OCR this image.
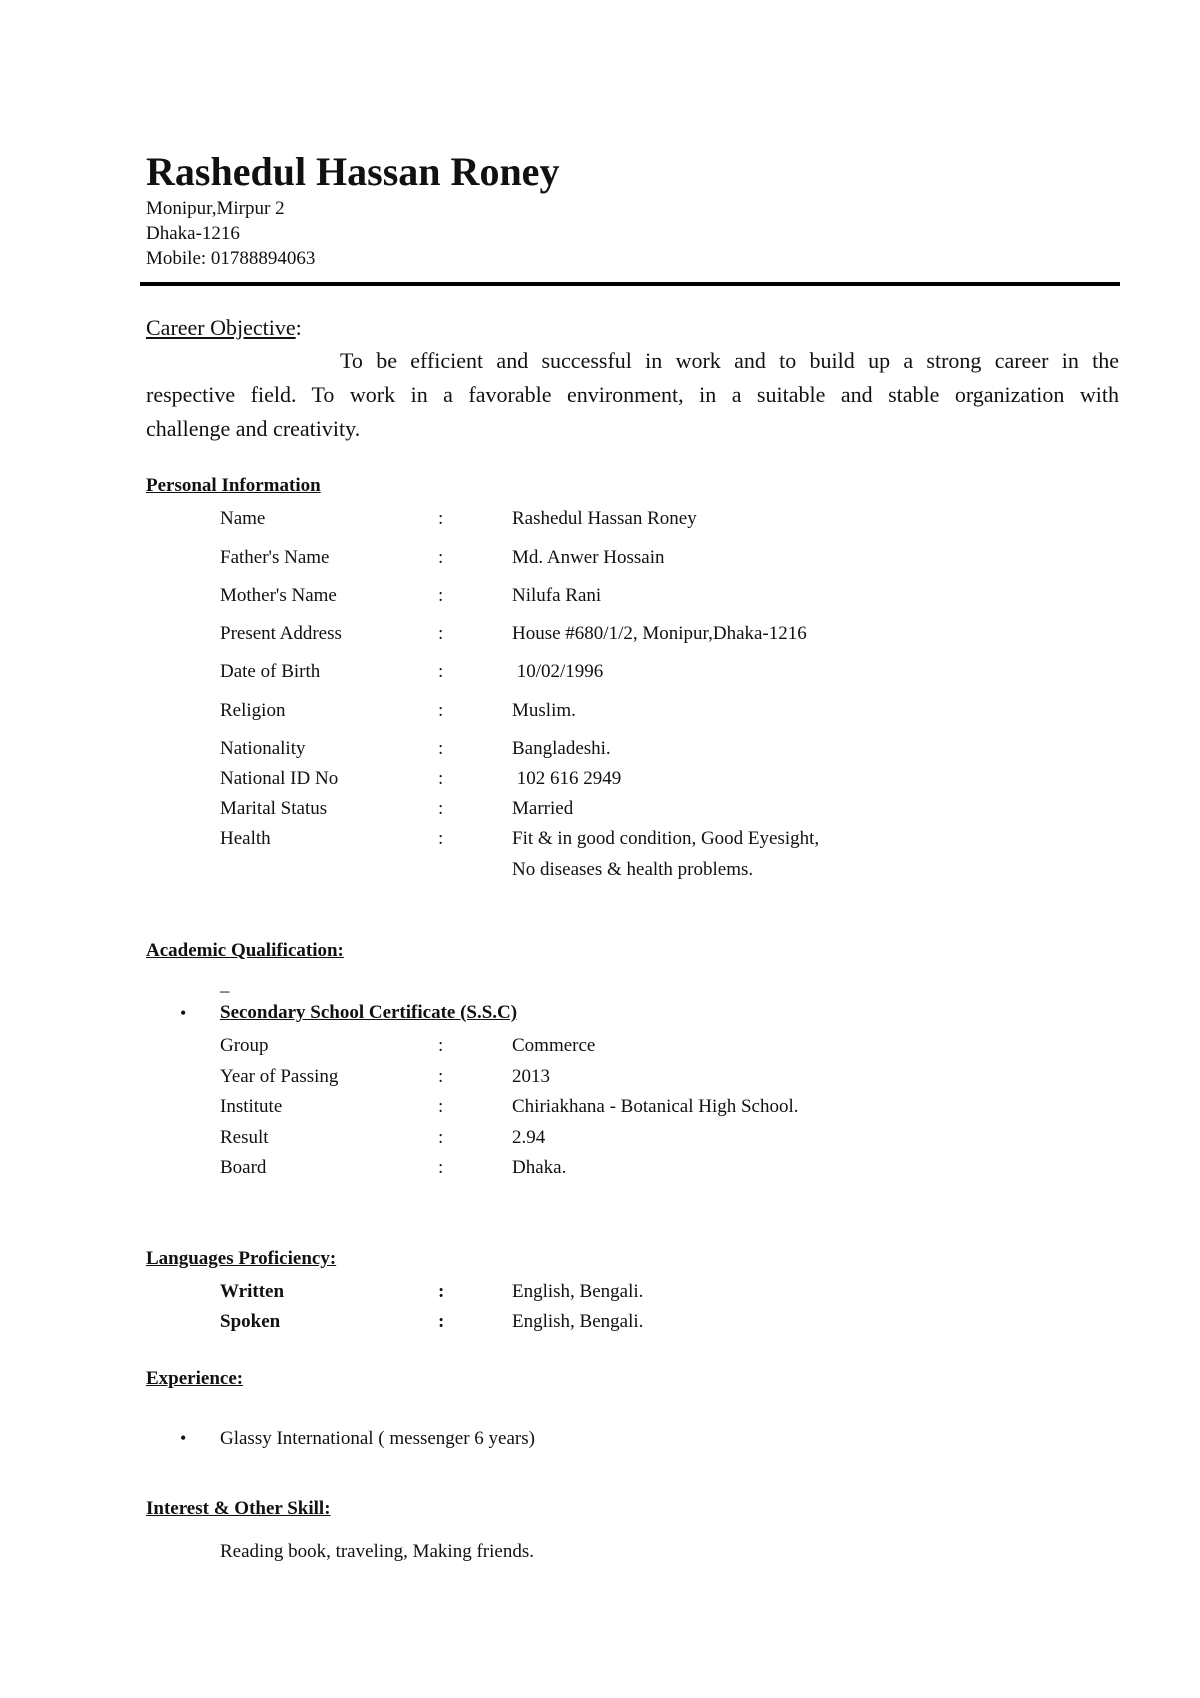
Rashedul Hassan Roney
Monipur,Mirpur 2
Dhaka-1216
Mobile: 01788894063
Career Objective:
To be efficient and successful in work and to build up a strong career in the
respective field. To work in a favorable environment, in a suitable and stable organization with
challenge and creativity.
Personal Information
Name	:	Rashedul Hassan Roney
Father's Name	:	Md. Anwer Hossain
Mother's Name	:	Nilufa Rani
Present Address	:	House #680/1/2, Monipur,Dhaka-1216
Date of Birth	:	10/02/1996
Religion	:	Muslim.
Nationality	:	Bangladeshi.
National ID No	:	102 616 2949
Marital Status	:	Married
Health	:	Fit & in good condition, Good Eyesight,
No diseases & health problems.
Academic Qualification:
_
• Secondary School Certificate (S.S.C)
Group	:	Commerce
Year of Passing	:	2013
Institute	:	Chiriakhana - Botanical High School.
Result	:	2.94
Board	:	Dhaka.
Languages Proficiency:
Written	:	English, Bengali.
Spoken	:	English, Bengali.
Experience:
• Glassy International ( messenger 6 years)
Interest & Other Skill:
Reading book, traveling, Making friends.
